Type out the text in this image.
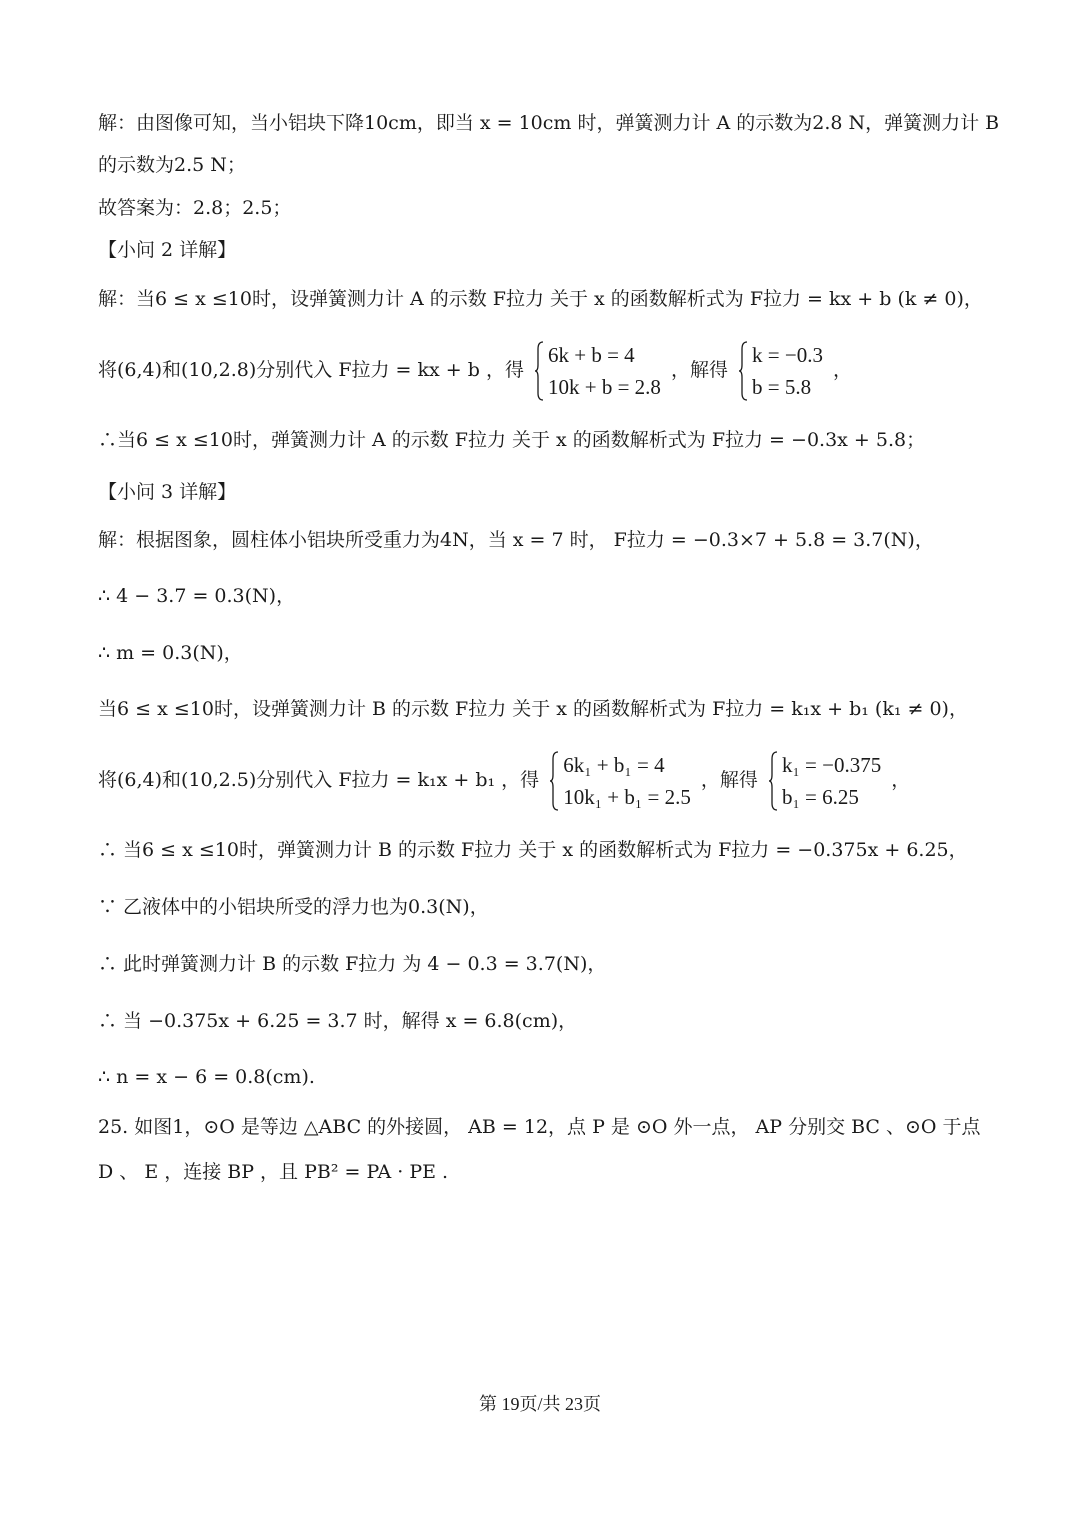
解：由图像可知，当小铝块下降10cm，即当 x = 10cm 时，弹簧测力计 A 的示数为2.8 N，弹簧测力计 B
的示数为2.5 N；
故答案为：2.8；2.5；
【小问 2 详解】
解：当6 ≤ x ≤10时，设弹簧测力计 A 的示数 F拉力 关于 x 的函数解析式为 F拉力 = kx + b (k ≠ 0)，
将(6,4)和(10,2.8)分别代入 F拉力 = kx + b ，得
6k + b = 4
10k + b = 2.8
，解得
k = −0.3
b = 5.8
，
∴当6 ≤ x ≤10时，弹簧测力计 A 的示数 F拉力 关于 x 的函数解析式为 F拉力 = −0.3x + 5.8；
【小问 3 详解】
解：根据图象，圆柱体小铝块所受重力为4N，当 x = 7 时， F拉力 = −0.3×7 + 5.8 = 3.7(N)，
∴ 4 − 3.7 = 0.3(N)，
∴ m = 0.3(N)，
当6 ≤ x ≤10时，设弹簧测力计 B 的示数 F拉力 关于 x 的函数解析式为 F拉力 = k₁x + b₁ (k₁ ≠ 0)，
将(6,4)和(10,2.5)分别代入 F拉力 = k₁x + b₁ ，得
6k₁ + b₁ = 4
10k₁ + b₁ = 2.5
，解得
k₁ = −0.375
b₁ = 6.25
，
∴ 当6 ≤ x ≤10时，弹簧测力计 B 的示数 F拉力 关于 x 的函数解析式为 F拉力 = −0.375x + 6.25，
∵ 乙液体中的小铝块所受的浮力也为0.3(N)，
∴ 此时弹簧测力计 B 的示数 F拉力 为 4 − 0.3 = 3.7(N)，
∴ 当 −0.375x + 6.25 = 3.7 时，解得 x = 6.8(cm)，
∴ n = x − 6 = 0.8(cm).
25. 如图1，⊙O 是等边 △ABC 的外接圆， AB = 12，点 P 是 ⊙O 外一点， AP 分别交 BC 、⊙O 于点
D 、 E ，连接 BP ，且 PB² = PA · PE .
第 19页/共 23页
